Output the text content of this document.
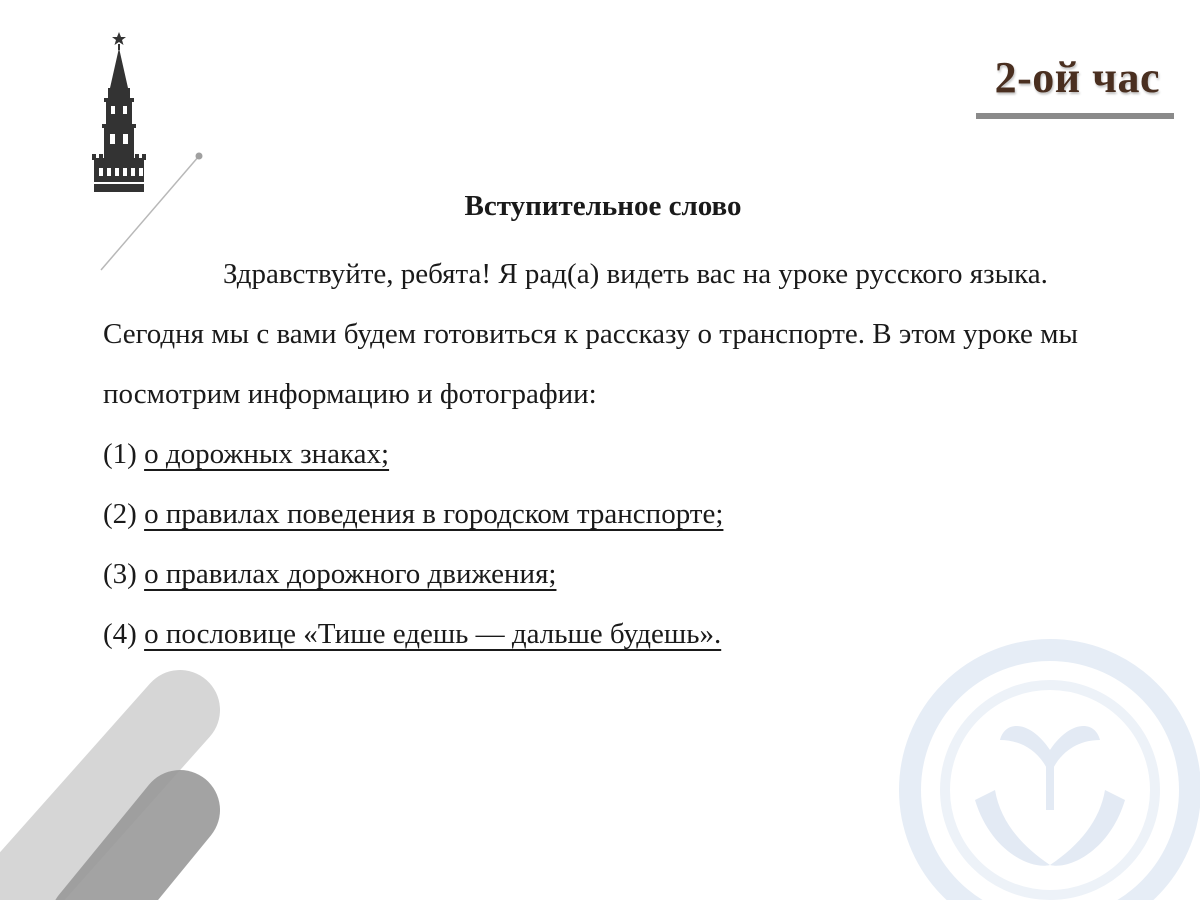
2-ой час
Вступительное слово

Здравствуйте, ребята! Я рад(а) видеть вас на уроке русского языка. Сегодня мы с вами будем готовиться к рассказу о транспорте. В этом уроке мы посмотрим информацию и фотографии:

(1) о дорожных знаках;
(2) о правилах поведения в городском транспорте;
(3) о правилах дорожного движения;
(4) о пословице «Тише едешь — дальше будешь».
